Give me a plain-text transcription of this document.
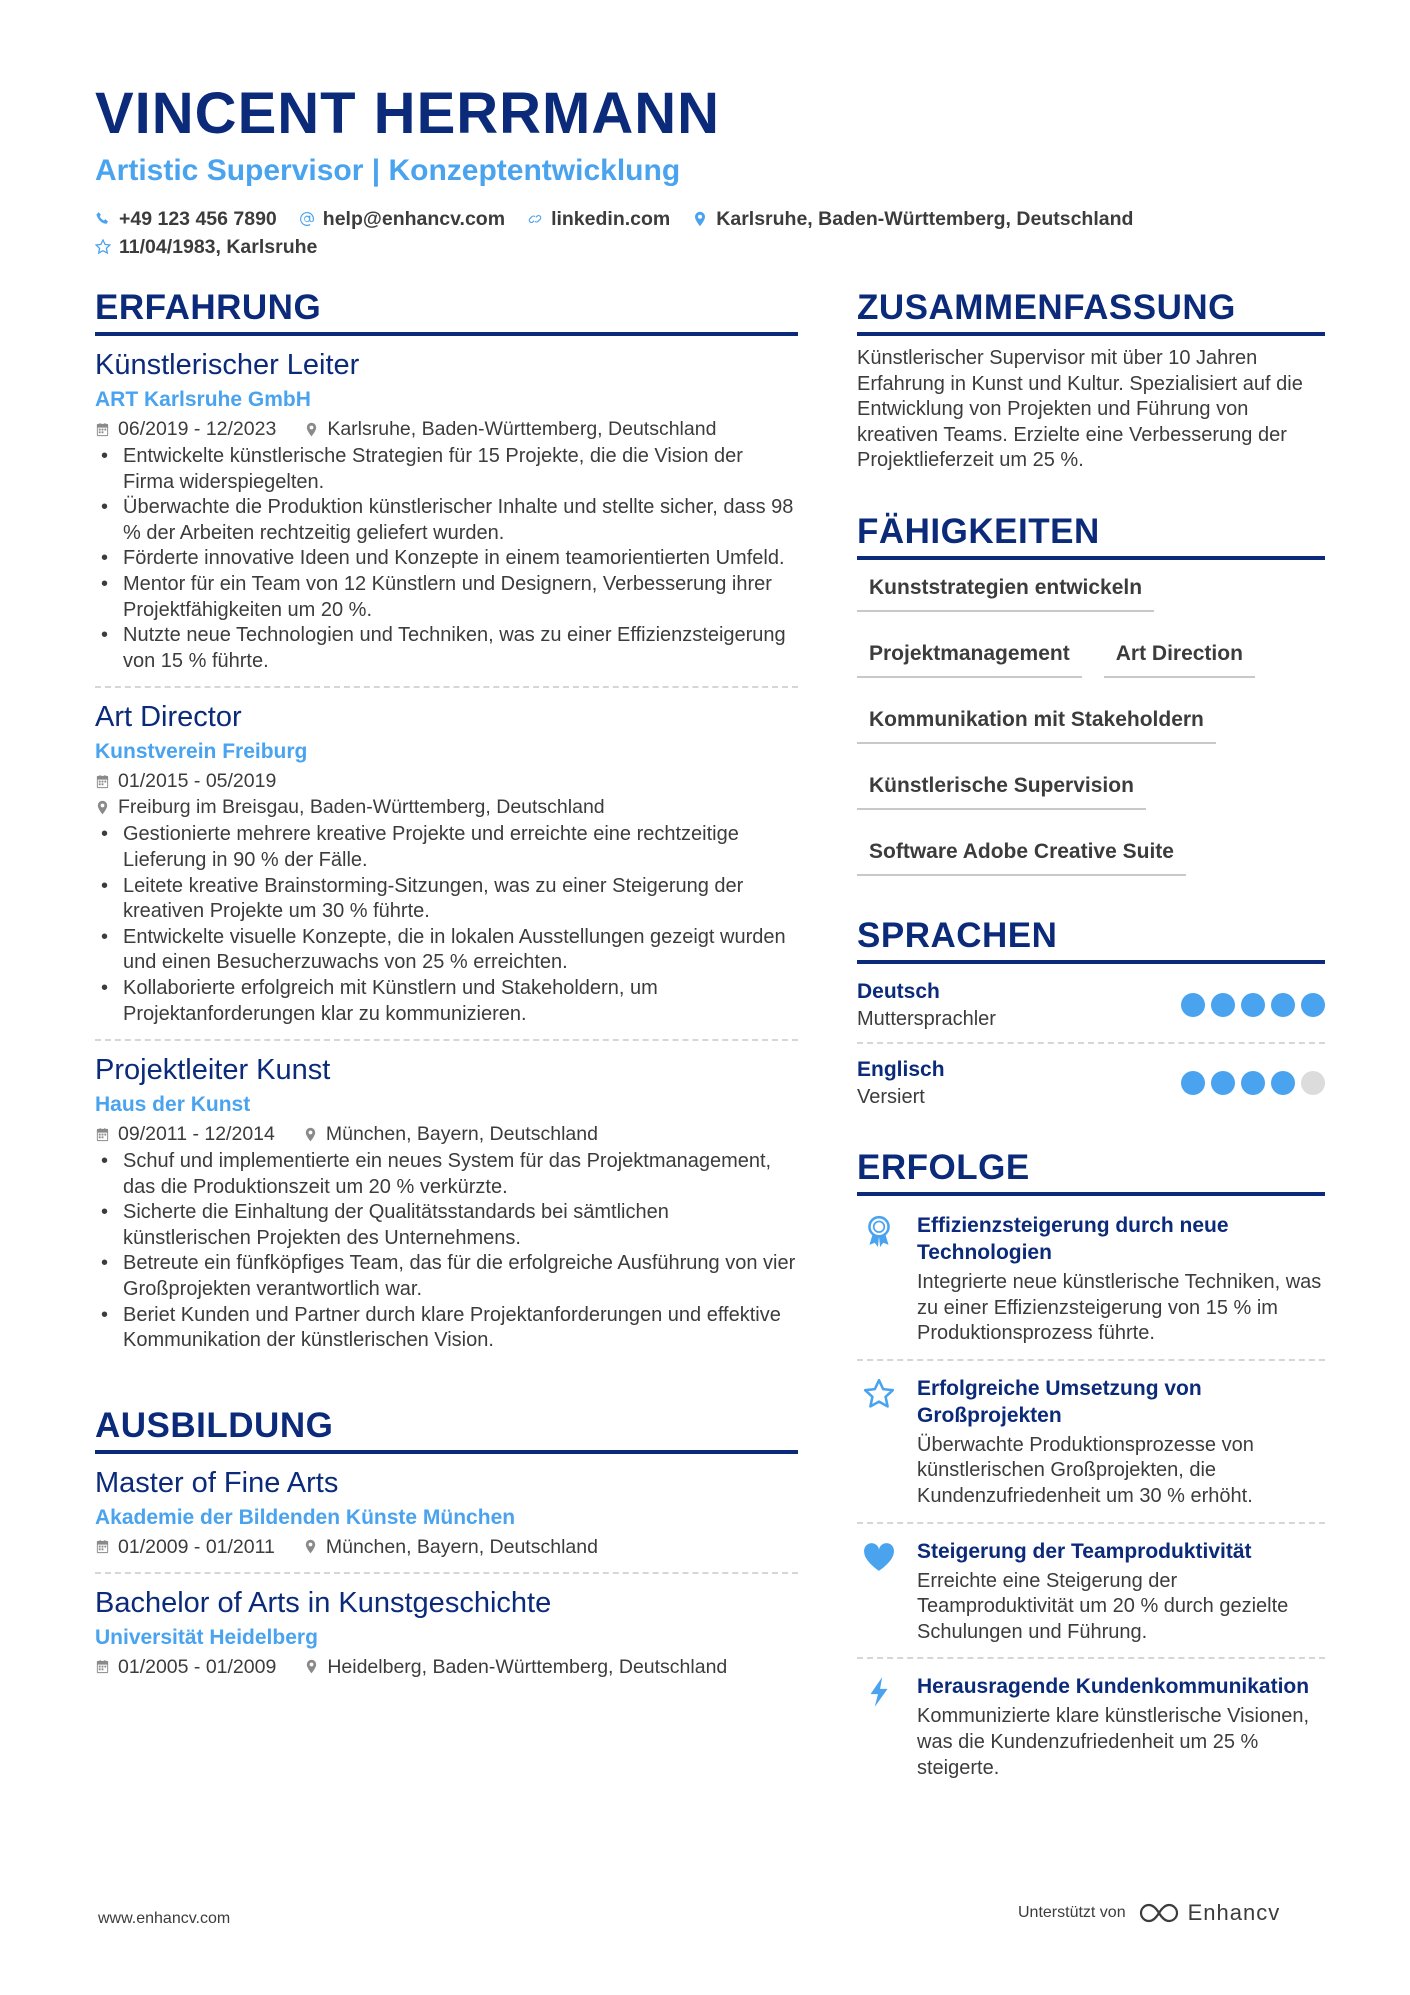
VINCENT HERRMANN
Artistic Supervisor | Konzeptentwicklung
+49 123 456 7890 help@enhancv.com linkedin.com Karlsruhe, Baden-Württemberg, Deutschland
11/04/1983, Karlsruhe
ERFAHRUNG
Künstlerischer Leiter
ART Karlsruhe GmbH
06/2019 - 12/2023	Karlsruhe, Baden-Württemberg, Deutschland
• Entwickelte künstlerische Strategien für 15 Projekte, die die Vision der Firma widerspiegelten.
• Überwachte die Produktion künstlerischer Inhalte und stellte sicher, dass 98 % der Arbeiten rechtzeitig geliefert wurden.
• Förderte innovative Ideen und Konzepte in einem teamorientierten Umfeld.
• Mentor für ein Team von 12 Künstlern und Designern, Verbesserung ihrer Projektfähigkeiten um 20 %.
• Nutzte neue Technologien und Techniken, was zu einer Effizienzsteigerung von 15 % führte.
Art Director
Kunstverein Freiburg
01/2015 - 05/2019
Freiburg im Breisgau, Baden-Württemberg, Deutschland
• Gestionierte mehrere kreative Projekte und erreichte eine rechtzeitige Lieferung in 90 % der Fälle.
• Leitete kreative Brainstorming-Sitzungen, was zu einer Steigerung der kreativen Projekte um 30 % führte.
• Entwickelte visuelle Konzepte, die in lokalen Ausstellungen gezeigt wurden und einen Besucherzuwachs von 25 % erreichten.
• Kollaborierte erfolgreich mit Künstlern und Stakeholdern, um Projektanforderungen klar zu kommunizieren.
Projektleiter Kunst
Haus der Kunst
09/2011 - 12/2014	München, Bayern, Deutschland
• Schuf und implementierte ein neues System für das Projektmanagement, das die Produktionszeit um 20 % verkürzte.
• Sicherte die Einhaltung der Qualitätsstandards bei sämtlichen künstlerischen Projekten des Unternehmens.
• Betreute ein fünfköpfiges Team, das für die erfolgreiche Ausführung von vier Großprojekten verantwortlich war.
• Beriet Kunden und Partner durch klare Projektanforderungen und effektive Kommunikation der künstlerischen Vision.
AUSBILDUNG
Master of Fine Arts
Akademie der Bildenden Künste München
01/2009 - 01/2011	München, Bayern, Deutschland
Bachelor of Arts in Kunstgeschichte
Universität Heidelberg
01/2005 - 01/2009	Heidelberg, Baden-Württemberg, Deutschland
ZUSAMMENFASSUNG
Künstlerischer Supervisor mit über 10 Jahren Erfahrung in Kunst und Kultur. Spezialisiert auf die Entwicklung von Projekten und Führung von kreativen Teams. Erzielte eine Verbesserung der Projektlieferzeit um 25 %.
FÄHIGKEITEN
Kunststrategien entwickeln
Projektmanagement	Art Direction
Kommunikation mit Stakeholdern
Künstlerische Supervision
Software Adobe Creative Suite
SPRACHEN
Deutsch
Muttersprachler
Englisch
Versiert
ERFOLGE
Effizienzsteigerung durch neue Technologien
Integrierte neue künstlerische Techniken, was zu einer Effizienzsteigerung von 15 % im Produktionsprozess führte.
Erfolgreiche Umsetzung von Großprojekten
Überwachte Produktionsprozesse von künstlerischen Großprojekten, die Kundenzufriedenheit um 30 % erhöht.
Steigerung der Teamproduktivität
Erreichte eine Steigerung der Teamproduktivität um 20 % durch gezielte Schulungen und Führung.
Herausragende Kundenkommunikation
Kommunizierte klare künstlerische Visionen, was die Kundenzufriedenheit um 25 % steigerte.
www.enhancv.com	Unterstützt von	Enhancv
